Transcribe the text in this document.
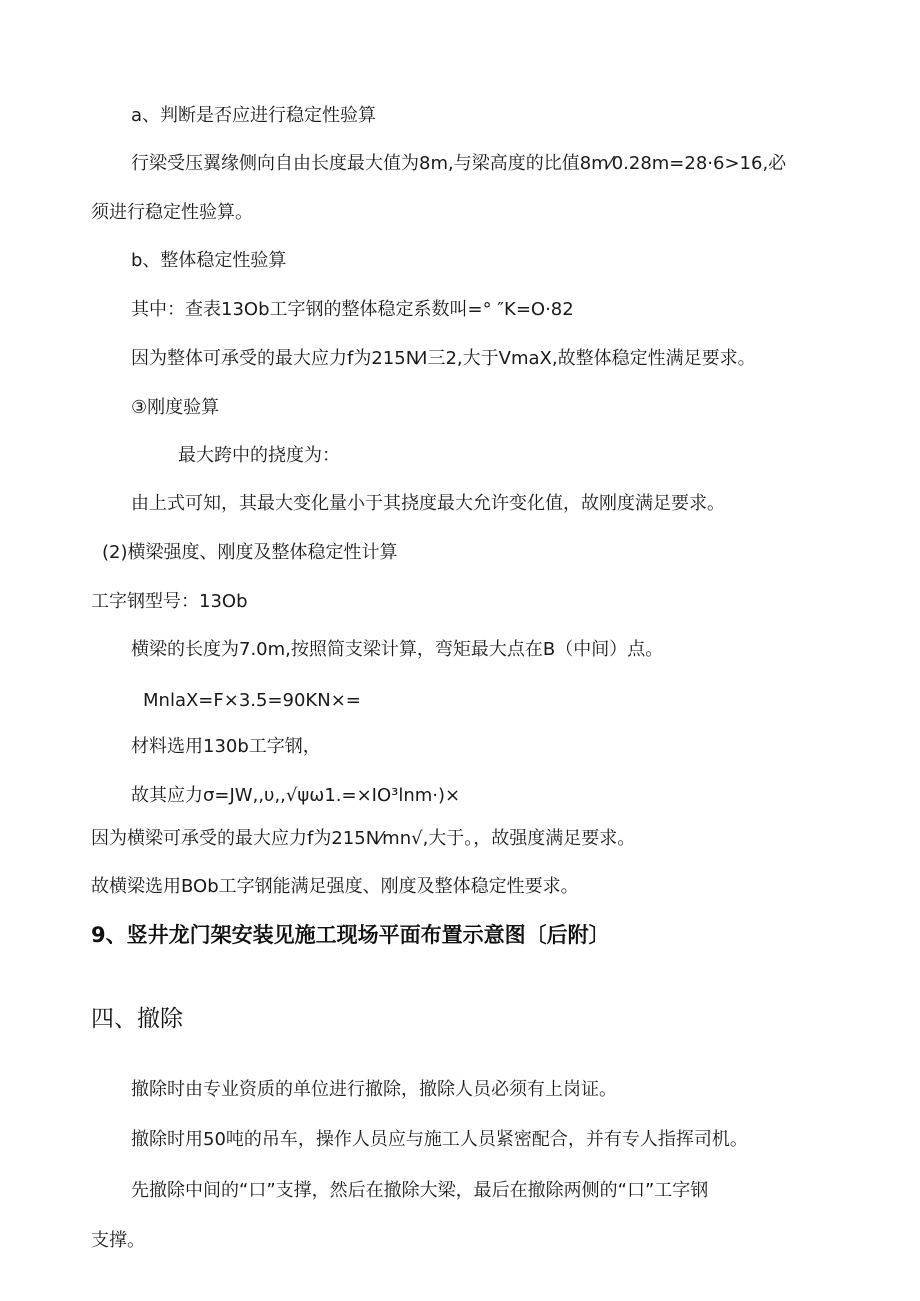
a、判断是否应进行稳定性验算
行梁受压翼缘侧向自由长度最大值为8m,与梁高度的比值8m⁄0.28m=28·6>16,必
须进行稳定性验算。
b、整体稳定性验算
其中：查表13Ob工字钢的整体稳定系数叫=° ″K=O·82
因为整体可承受的最大应力f为215N⁄Ι三2,大于VmaX,故整体稳定性满足要求。
③刚度验算
最大跨中的挠度为：
由上式可知，其最大变化量小于其挠度最大允许变化值，故刚度满足要求。
(2)横梁强度、刚度及整体稳定性计算
工字钢型号：13Ob
横梁的长度为7.0m,按照简支梁计算，弯矩最大点在B（中间）点。
MnlaX=F×3.5=90KN×=
材料选用130b工字钢，
故其应力σ=JW,,υ,,√ψω1.=×IO³lnm·)×
因为横梁可承受的最大应力f为215N⁄mn√,大于。，故强度满足要求。
故横梁选用BOb工字钢能满足强度、刚度及整体稳定性要求。
9、竖井龙门架安装见施工现场平面布置示意图〔后附〕
四、撤除
撤除时由专业资质的单位进行撤除，撤除人员必须有上岗证。
撤除时用50吨的吊车，操作人员应与施工人员紧密配合，并有专人指挥司机。
先撤除中间的“口”支撑，然后在撤除大梁，最后在撤除两侧的“口”工字钢
支撑。
